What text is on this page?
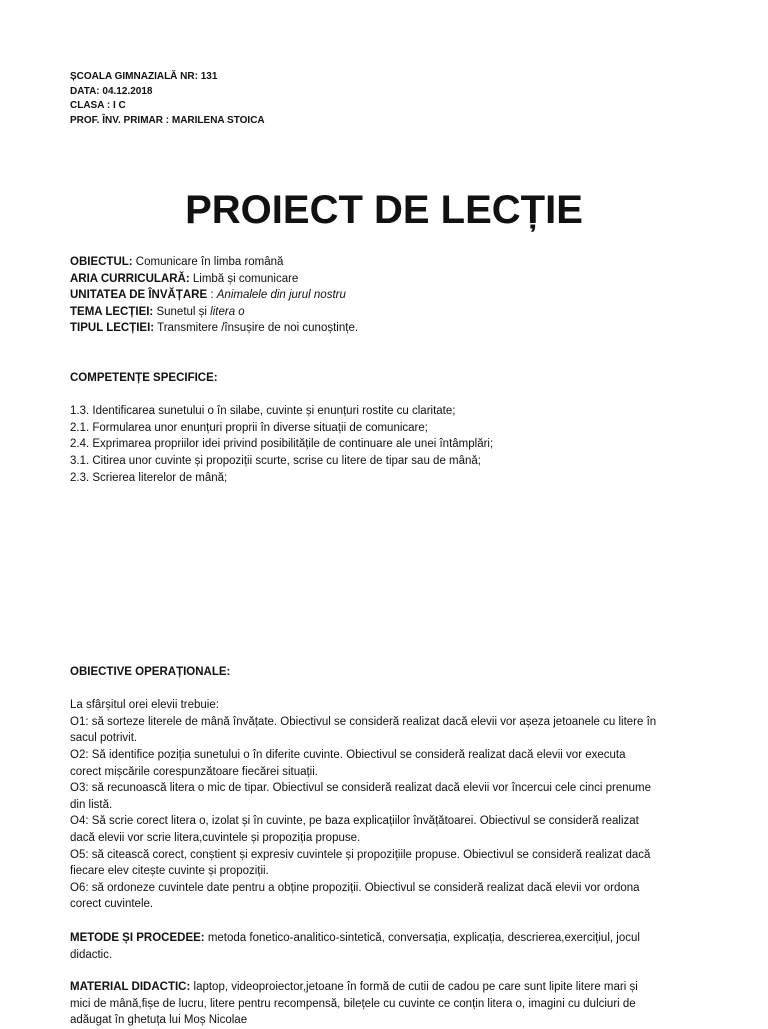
ȘCOALA GIMNAZIALĂ NR: 131
DATA: 04.12.2018
CLASA : I C
PROF. ÎNV. PRIMAR : MARILENA STOICA
PROIECT DE LECȚIE
OBIECTUL: Comunicare în limba română
ARIA CURRICULARĂ: Limbă și comunicare
UNITATEA DE ÎNVĂȚARE : Animalele din jurul nostru
TEMA LECȚIEI: Sunetul și litera o
TIPUL LECȚIEI: Transmitere /însușire de noi cunoștințe.
COMPETENȚE SPECIFICE:
1.3. Identificarea sunetului o în silabe, cuvinte și enunțuri rostite cu claritate;
2.1. Formularea unor enunțuri proprii în diverse situații de comunicare;
2.4. Exprimarea propriilor idei privind posibilitățile de continuare ale unei întâmplări;
3.1. Citirea unor cuvinte și propoziții scurte, scrise cu litere de tipar sau de mână;
2.3. Scrierea literelor de mână;
OBIECTIVE OPERAȚIONALE:
La sfârșitul orei elevii trebuie:
O1: să sorteze literele de mână învățate. Obiectivul se consideră realizat dacă elevii vor așeza jetoanele cu litere în
sacul potrivit.
O2: Să identifice poziția sunetului o în diferite cuvinte. Obiectivul se consideră realizat dacă elevii vor executa
corect mișcările corespunzătoare fiecărei situații.
O3: să recunoască litera o mic de tipar. Obiectivul se consideră realizat dacă elevii vor încercui cele cinci prenume
din listă.
O4: Să scrie corect litera o, izolat și în cuvinte, pe baza explicațiilor învățătoarei. Obiectivul se consideră realizat
dacă elevii vor scrie litera,cuvintele și propoziția propuse.
O5: să citească corect, conștient și expresiv cuvintele și propozițiile propuse. Obiectivul se consideră realizat dacă
fiecare elev citește cuvinte și propoziții.
O6: să ordoneze cuvintele date pentru a obține propoziții. Obiectivul se consideră realizat dacă elevii vor ordona
corect cuvintele.
METODE ȘI PROCEDEE: metoda fonetico-analitico-sintetică, conversația, explicația, descrierea,exercițiul, jocul
didactic.
MATERIAL DIDACTIC: laptop, videoproiector,jetoane în formă de cutii de cadou pe care sunt lipite litere mari și
mici de mână,fișe de lucru, litere pentru recompensă, bilețele cu cuvinte ce conțin litera o, imagini cu dulciuri de
adăugat în ghetuța lui Moș Nicolae
